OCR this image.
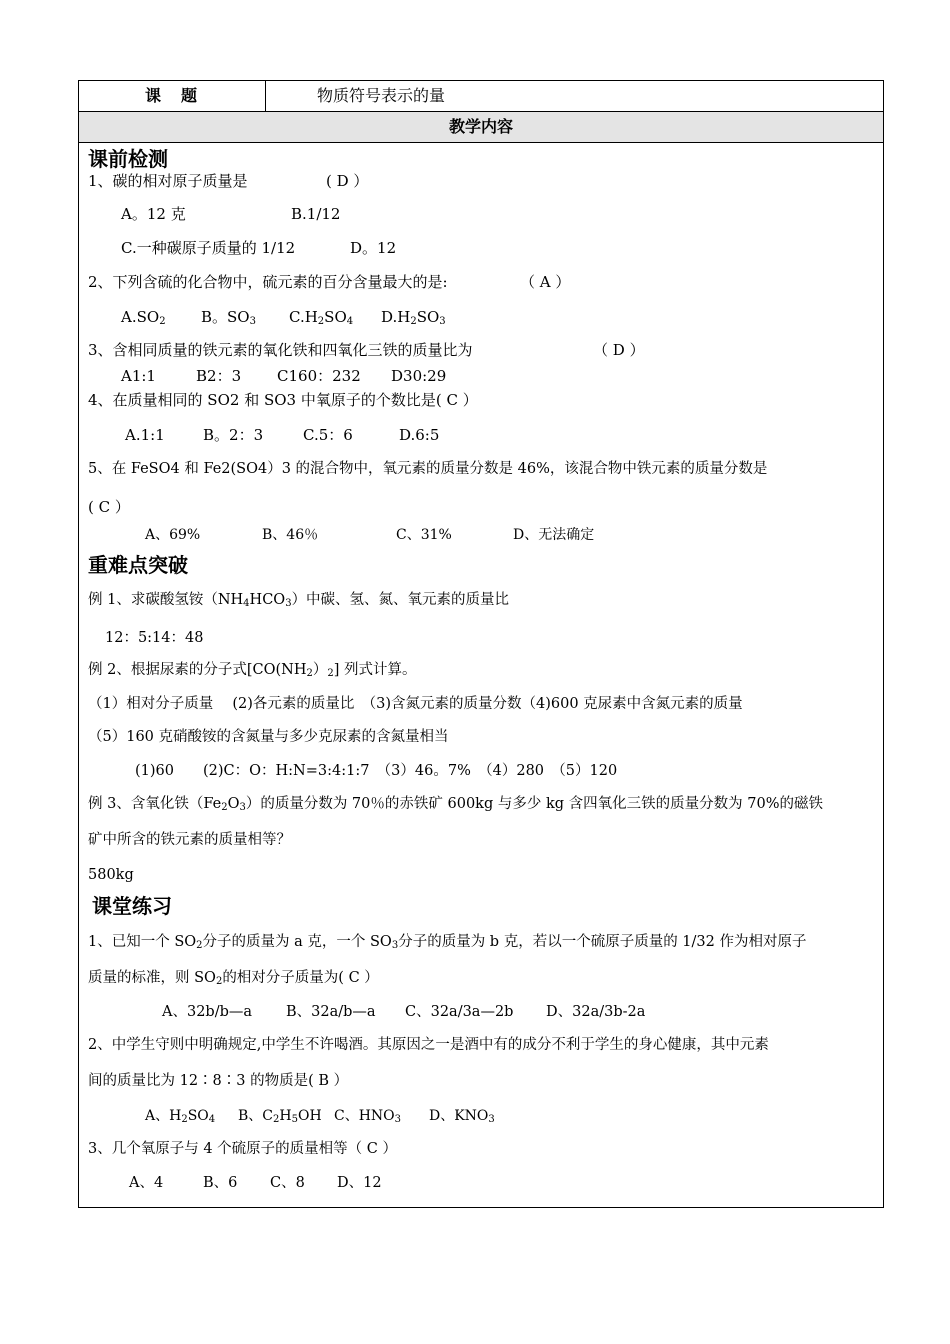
课　题	物质符号表示的量
教学内容
课前检测
1、碳的相对原子质量是	( D ）
A。12 克	B.1/12
C.一种碳原子质量的 1/12	D。12
2、下列含硫的化合物中，硫元素的百分含量最大的是:	（ A ）
$A.SO_2$ B。$SO_3$ $C.H_2SO_4$ $D.H_2SO_3$
3、含相同质量的铁元素的氧化铁和四氧化三铁的质量比为	（ D ）
A1:1	B2：3 C160：232 D30:29
4、在质量相同的 SO2 和 SO3 中氧原子的个数比是( C ）
A.1:1	B。2：3	C.5：6	D.6:5
5、在 FeSO4 和 Fe2(SO4）3 的混合物中，氧元素的质量分数是 46%，该混合物中铁元素的质量分数是
( C ）
A、69%	B、46％	C、31%	D、无法确定
重难点突破
例 1、求碳酸氢铵$(NH_4HCO_3)$中碳、氢、氮、氧元素的质量比
12：5:14：48
例 2、根据尿素的分子式$[CO(NH_2)_2]$ 列式计算。
（1）相对分子质量　 (2)各元素的质量比　（3)含氮元素的质量分数（4)600 克尿素中含氮元素的质量
（5）160 克硝酸铵的含氮量与多少克尿素的含氮量相当
(1)60　　(2)C：O：H:N=3:4:1:7　（3）46。7%　（4）280　（5）120
例 3、含氧化铁$(Fe_2O_3)$的质量分数为 70％的赤铁矿 600kg 与多少 kg 含四氧化三铁的质量分数为 70%的磁铁
矿中所含的铁元素的质量相等？
580kg
课堂练习
1、已知一个 $SO_2$分子的质量为 a 克，一个 $SO_3$分子的质量为 b 克，若以一个硫原子质量的 1/32 作为相对原子
质量的标准，则 $SO_2$的相对分子质量为( C ）
A、32b/b—a B、32a/b—a C、32a/3a—2b D、32a/3b-2a
2、中学生守则中明确规定,中学生不许喝酒。其原因之一是酒中有的成分不利于学生的身心健康，其中元素
间的质量比为 12∶8∶3 的物质是( B ）
A、$H_2SO_4$ B、$C_2H_5OH$ C、$HNO_3$ D、$KNO_3$
3、几个氧原子与 4 个硫原子的质量相等（ C ）
A、4	B、6 C、8 D、12
